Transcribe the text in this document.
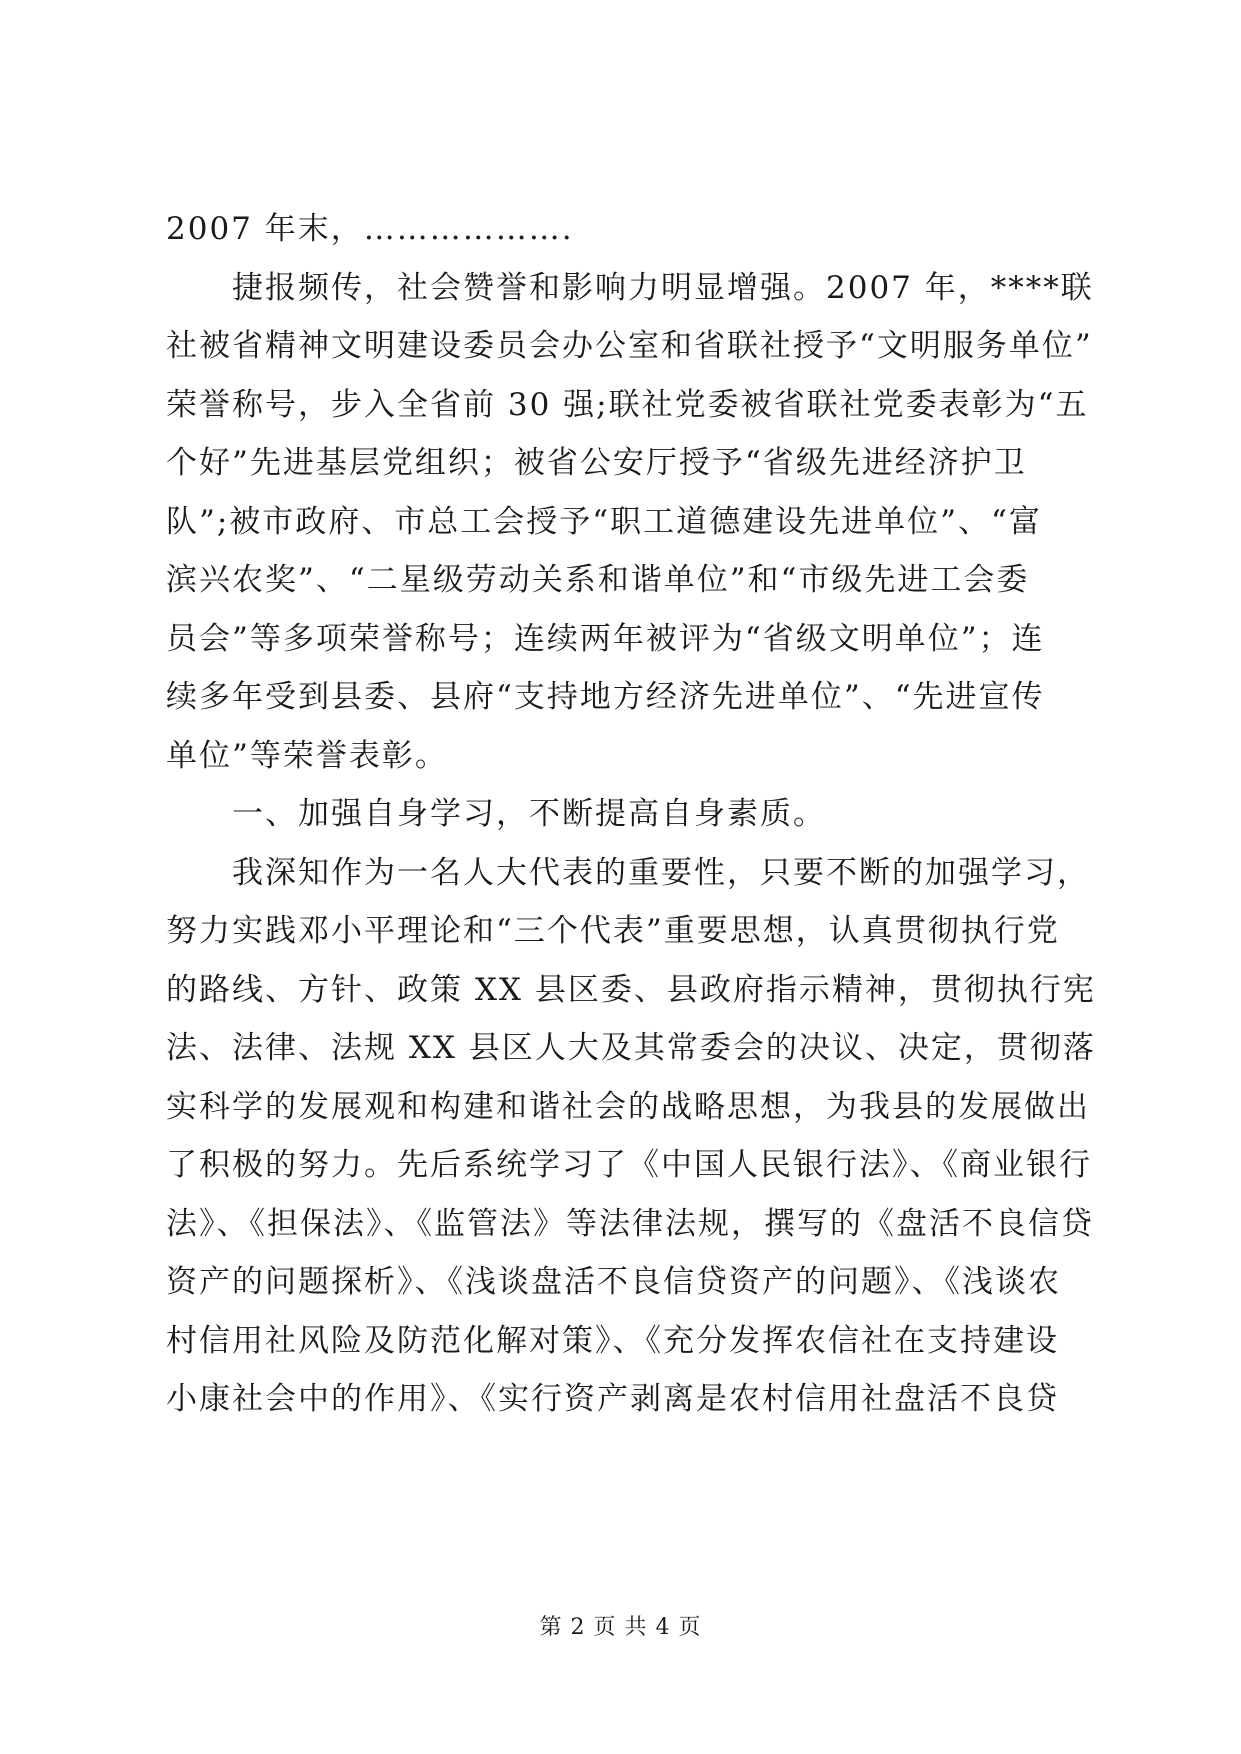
2007 年末，……………….
　　捷报频传，社会赞誉和影响力明显增强。2007 年，****联
社被省精神文明建设委员会办公室和省联社授予“文明服务单位”
荣誉称号，步入全省前 30 强;联社党委被省联社党委表彰为“五
个好”先进基层党组织；被省公安厅授予“省级先进经济护卫
队”;被市政府、市总工会授予“职工道德建设先进单位”、“富
滨兴农奖”、“二星级劳动关系和谐单位”和“市级先进工会委
员会”等多项荣誉称号；连续两年被评为“省级文明单位”；连
续多年受到县委、县府“支持地方经济先进单位”、“先进宣传
单位”等荣誉表彰。
　　一、加强自身学习，不断提高自身素质。
　　我深知作为一名人大代表的重要性，只要不断的加强学习，
努力实践邓小平理论和“三个代表”重要思想，认真贯彻执行党
的路线、方针、政策 XX 县区委、县政府指示精神，贯彻执行宪
法、法律、法规 XX 县区人大及其常委会的决议、决定，贯彻落
实科学的发展观和构建和谐社会的战略思想，为我县的发展做出
了积极的努力。先后系统学习了《中国人民银行法》、《商业银行
法》、《担保法》、《监管法》等法律法规，撰写的《盘活不良信贷
资产的问题探析》、《浅谈盘活不良信贷资产的问题》、《浅谈农
村信用社风险及防范化解对策》、《充分发挥农信社在支持建设
小康社会中的作用》、《实行资产剥离是农村信用社盘活不良贷
第 2 页 共 4 页
